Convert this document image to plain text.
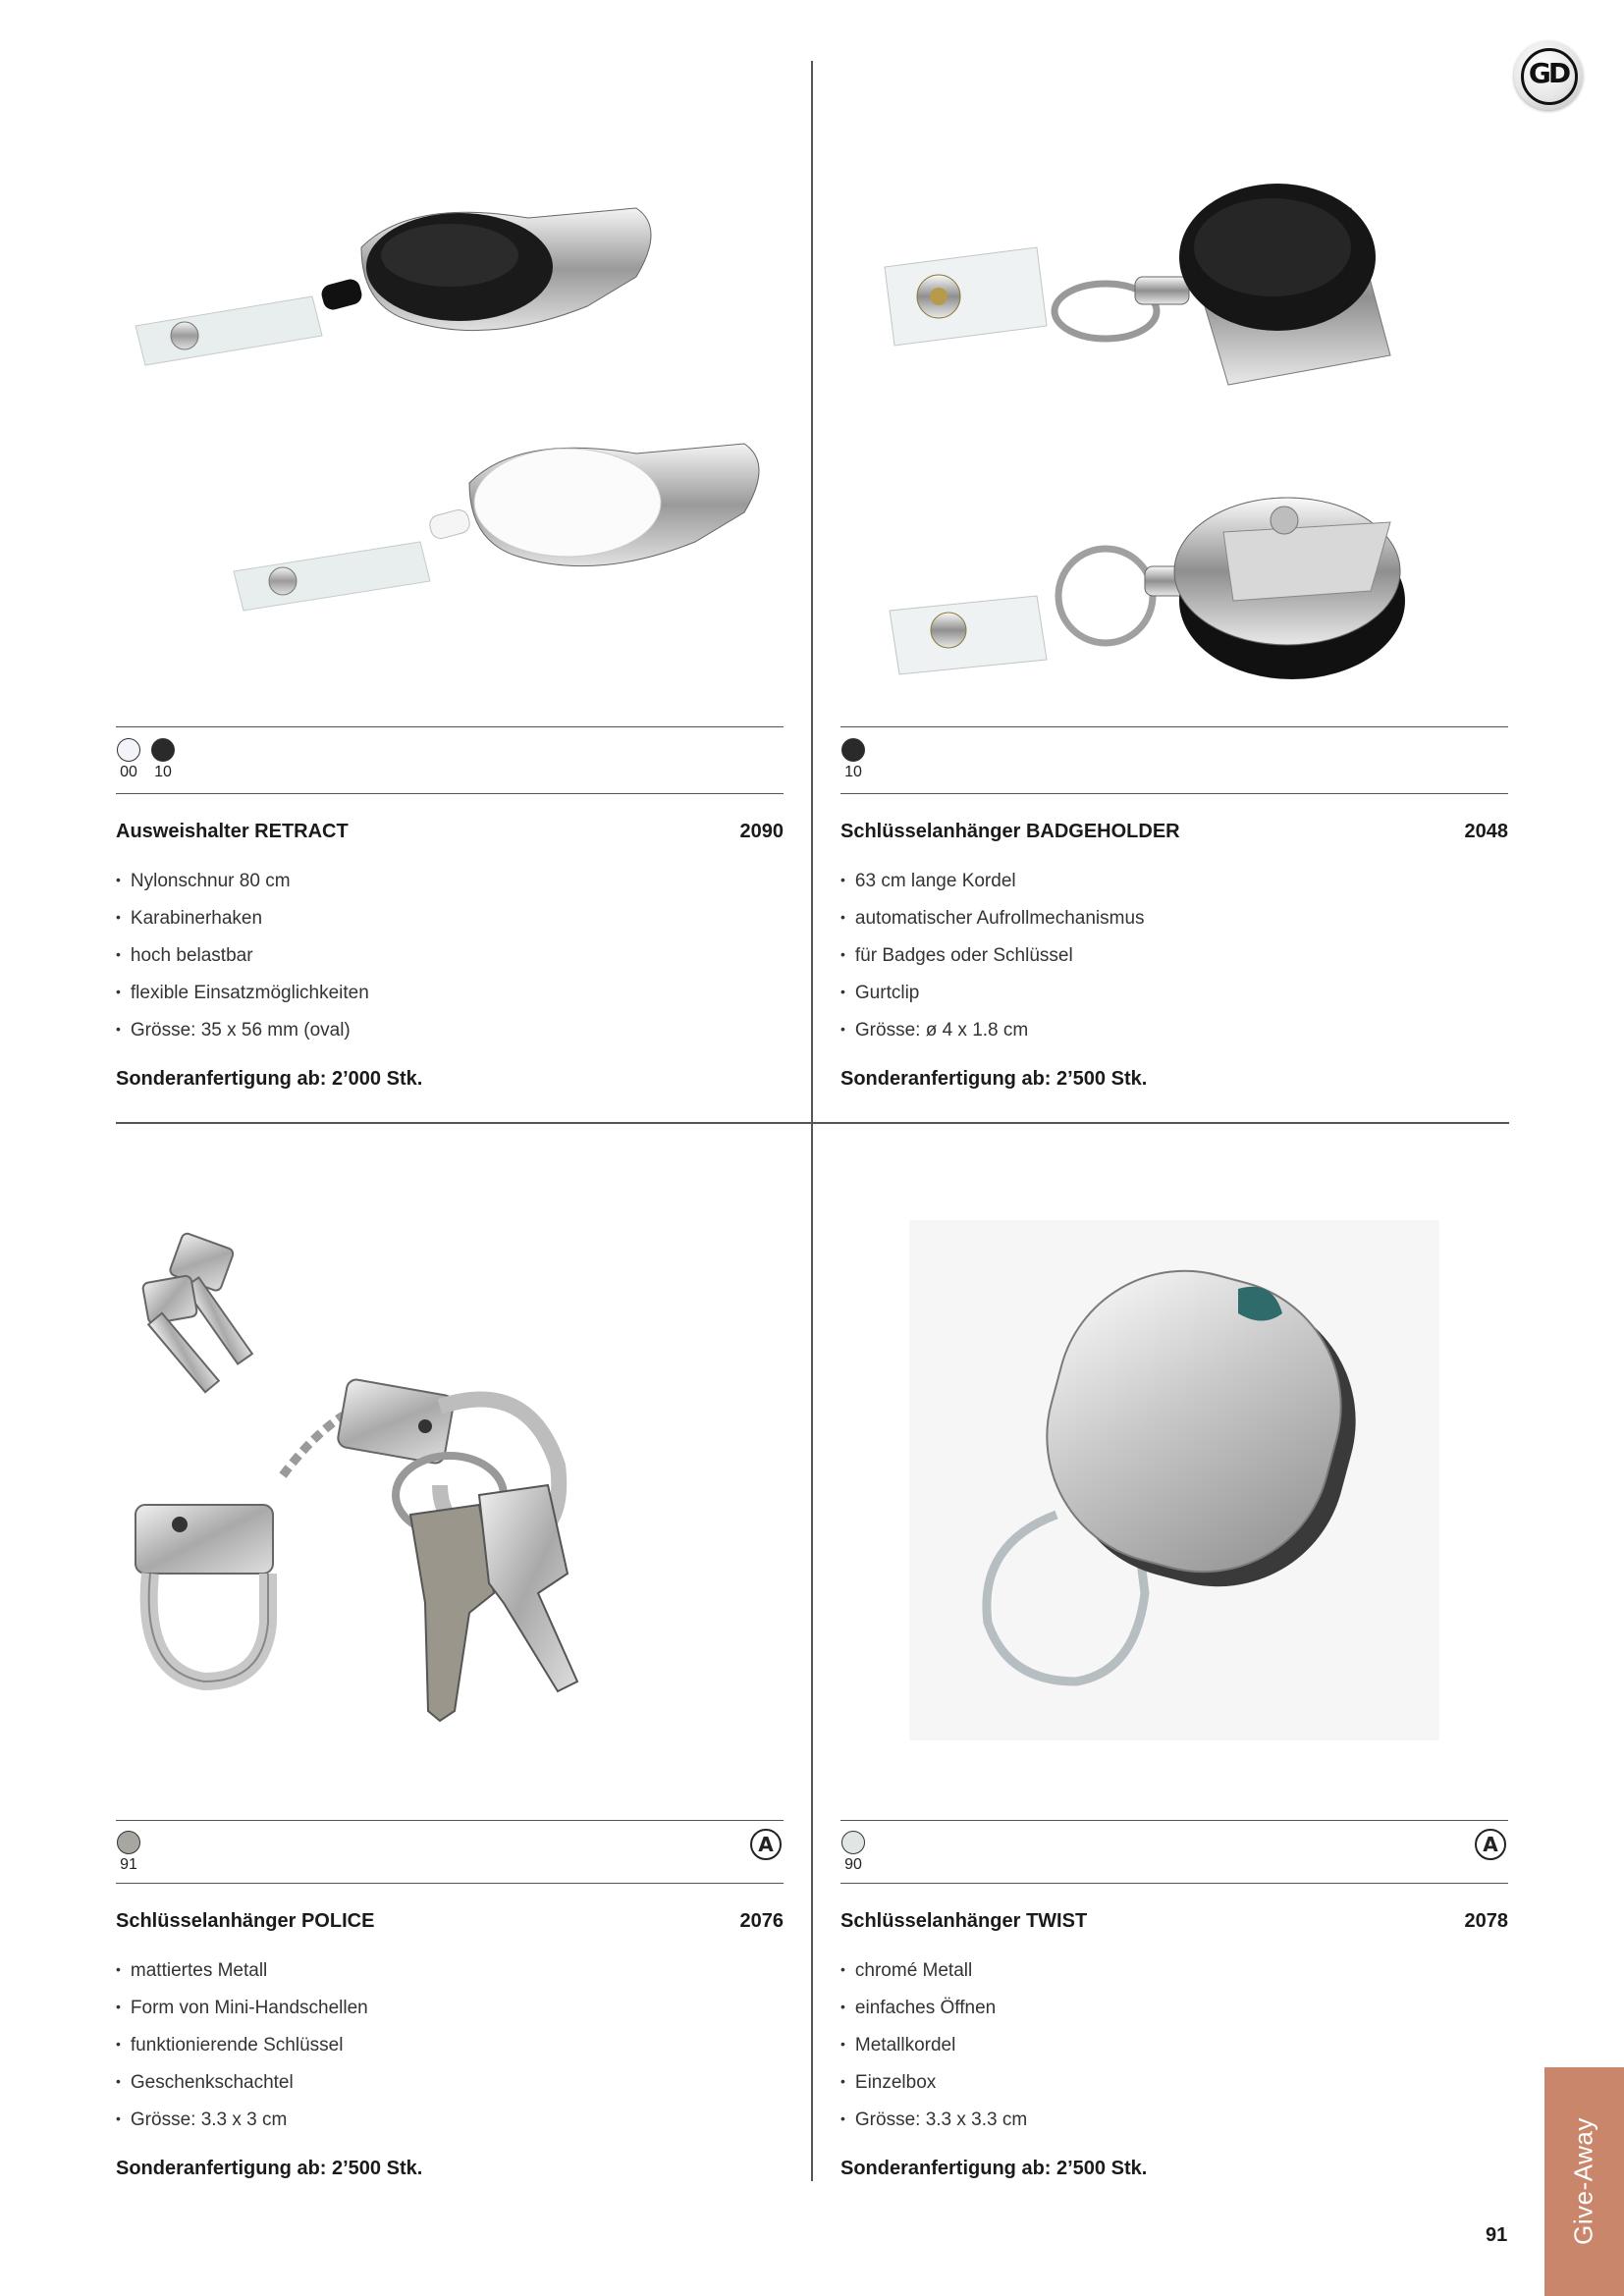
GD
00 10
Ausweishalter RETRACT	2090
• Nylonschnur 80 cm
• Karabinerhaken
• hoch belastbar
• flexible Einsatzmöglichkeiten
• Grösse: 35 x 56 mm (oval)
Sonderanfertigung ab: 2’000 Stk.
10
Schlüsselanhänger BADGEHOLDER	2048
• 63 cm lange Kordel
• automatischer Aufrollmechanismus
• für Badges oder Schlüssel
• Gurtclip
• Grösse: ø 4 x 1.8 cm
Sonderanfertigung ab: 2’500 Stk.
91
A
Schlüsselanhänger POLICE	2076
• mattiertes Metall
• Form von Mini-Handschellen
• funktionierende Schlüssel
• Geschenkschachtel
• Grösse: 3.3 x 3 cm
Sonderanfertigung ab: 2’500 Stk.
90
A
Schlüsselanhänger TWIST	2078
• chromé Metall
• einfaches Öffnen
• Metallkordel
• Einzelbox
• Grösse: 3.3 x 3.3 cm
Sonderanfertigung ab: 2’500 Stk.	Give-Away
91
